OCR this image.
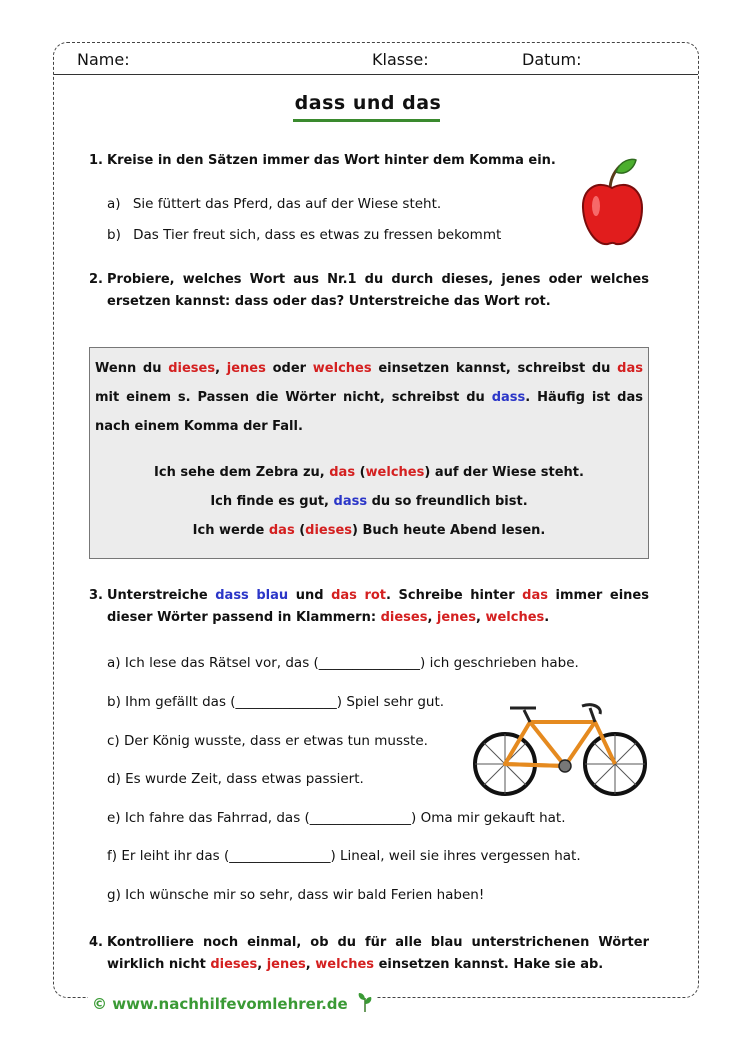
Name:	Klasse:	Datum:
dass und das
1. Kreise in den Sätzen immer das Wort hinter dem Komma ein.
a) Sie füttert das Pferd, das auf der Wiese steht.
b) Das Tier freut sich, dass es etwas zu fressen bekommt
2. Probiere, welches Wort aus Nr.1 du durch dieses, jenes oder welches ersetzen kannst: dass oder das? Unterstreiche das Wort rot.
Wenn du dieses, jenes oder welches einsetzen kannst, schreibst du das mit einem s. Passen die Wörter nicht, schreibst du dass. Häufig ist das nach einem Komma der Fall.
Ich sehe dem Zebra zu, das (welches) auf der Wiese steht.
Ich finde es gut, dass du so freundlich bist.
Ich werde das (dieses) Buch heute Abend lesen.
3. Unterstreiche dass blau und das rot. Schreibe hinter das immer eines dieser Wörter passend in Klammern: dieses, jenes, welches.
a) Ich lese das Rätsel vor, das (_______________) ich geschrieben habe.
b) Ihm gefällt das (_______________) Spiel sehr gut.
c) Der König wusste, dass er etwas tun musste.
d) Es wurde Zeit, dass etwas passiert.
e) Ich fahre das Fahrrad, das (_______________) Oma mir gekauft hat.
f) Er leiht ihr das (_______________) Lineal, weil sie ihres vergessen hat.
g) Ich wünsche mir so sehr, dass wir bald Ferien haben!
4. Kontrolliere noch einmal, ob du für alle blau unterstrichenen Wörter wirklich nicht dieses, jenes, welches einsetzen kannst. Hake sie ab.
© www.nachhilfevomlehrer.de
